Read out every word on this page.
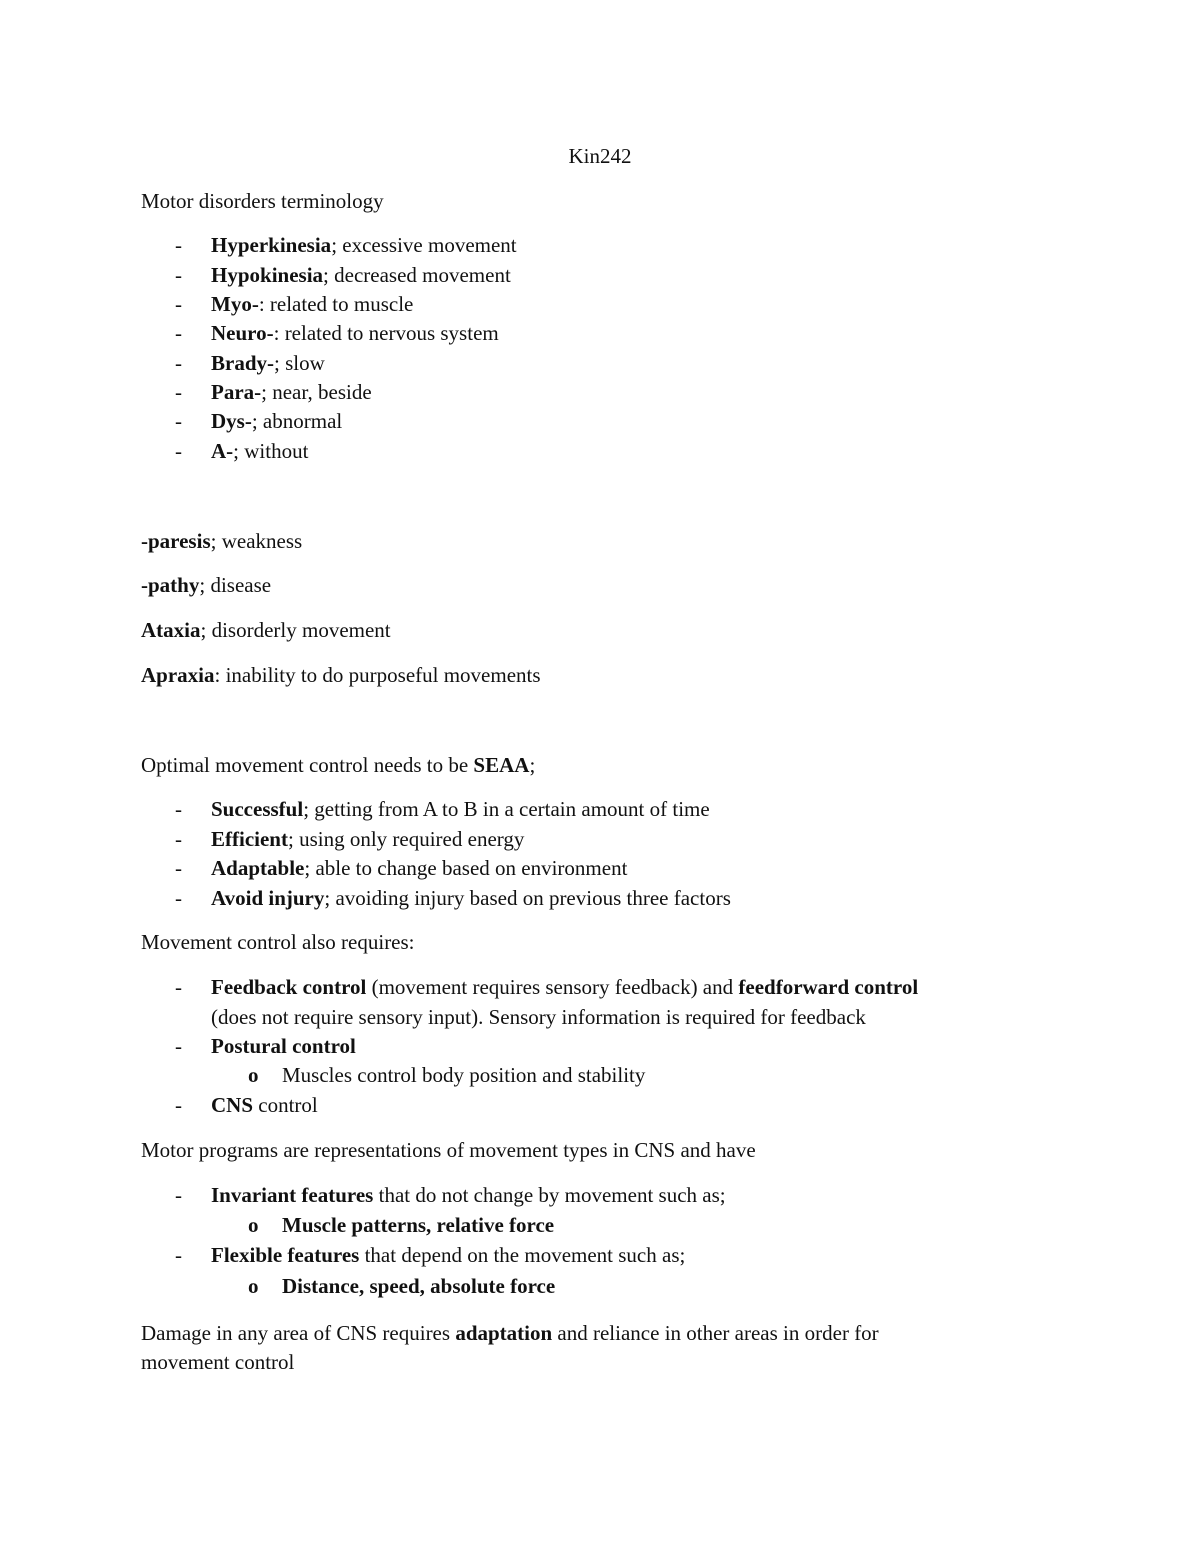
Kin242
Motor disorders terminology
- Hyperkinesia; excessive movement
- Hypokinesia; decreased movement
- Myo-: related to muscle
- Neuro-: related to nervous system
- Brady-; slow
- Para-; near, beside
- Dys-; abnormal
- A-; without
-paresis; weakness
-pathy; disease
Ataxia; disorderly movement
Apraxia: inability to do purposeful movements
Optimal movement control needs to be SEAA;
- Successful; getting from A to B in a certain amount of time
- Efficient; using only required energy
- Adaptable; able to change based on environment
- Avoid injury; avoiding injury based on previous three factors
Movement control also requires:
- Feedback control (movement requires sensory feedback) and feedforward control
(does not require sensory input). Sensory information is required for feedback
- Postural control
o Muscles control body position and stability
- CNS control
Motor programs are representations of movement types in CNS and have
- Invariant features that do not change by movement such as;
o Muscle patterns, relative force
- Flexible features that depend on the movement such as;
o Distance, speed, absolute force
Damage in any area of CNS requires adaptation and reliance in other areas in order for
movement control
